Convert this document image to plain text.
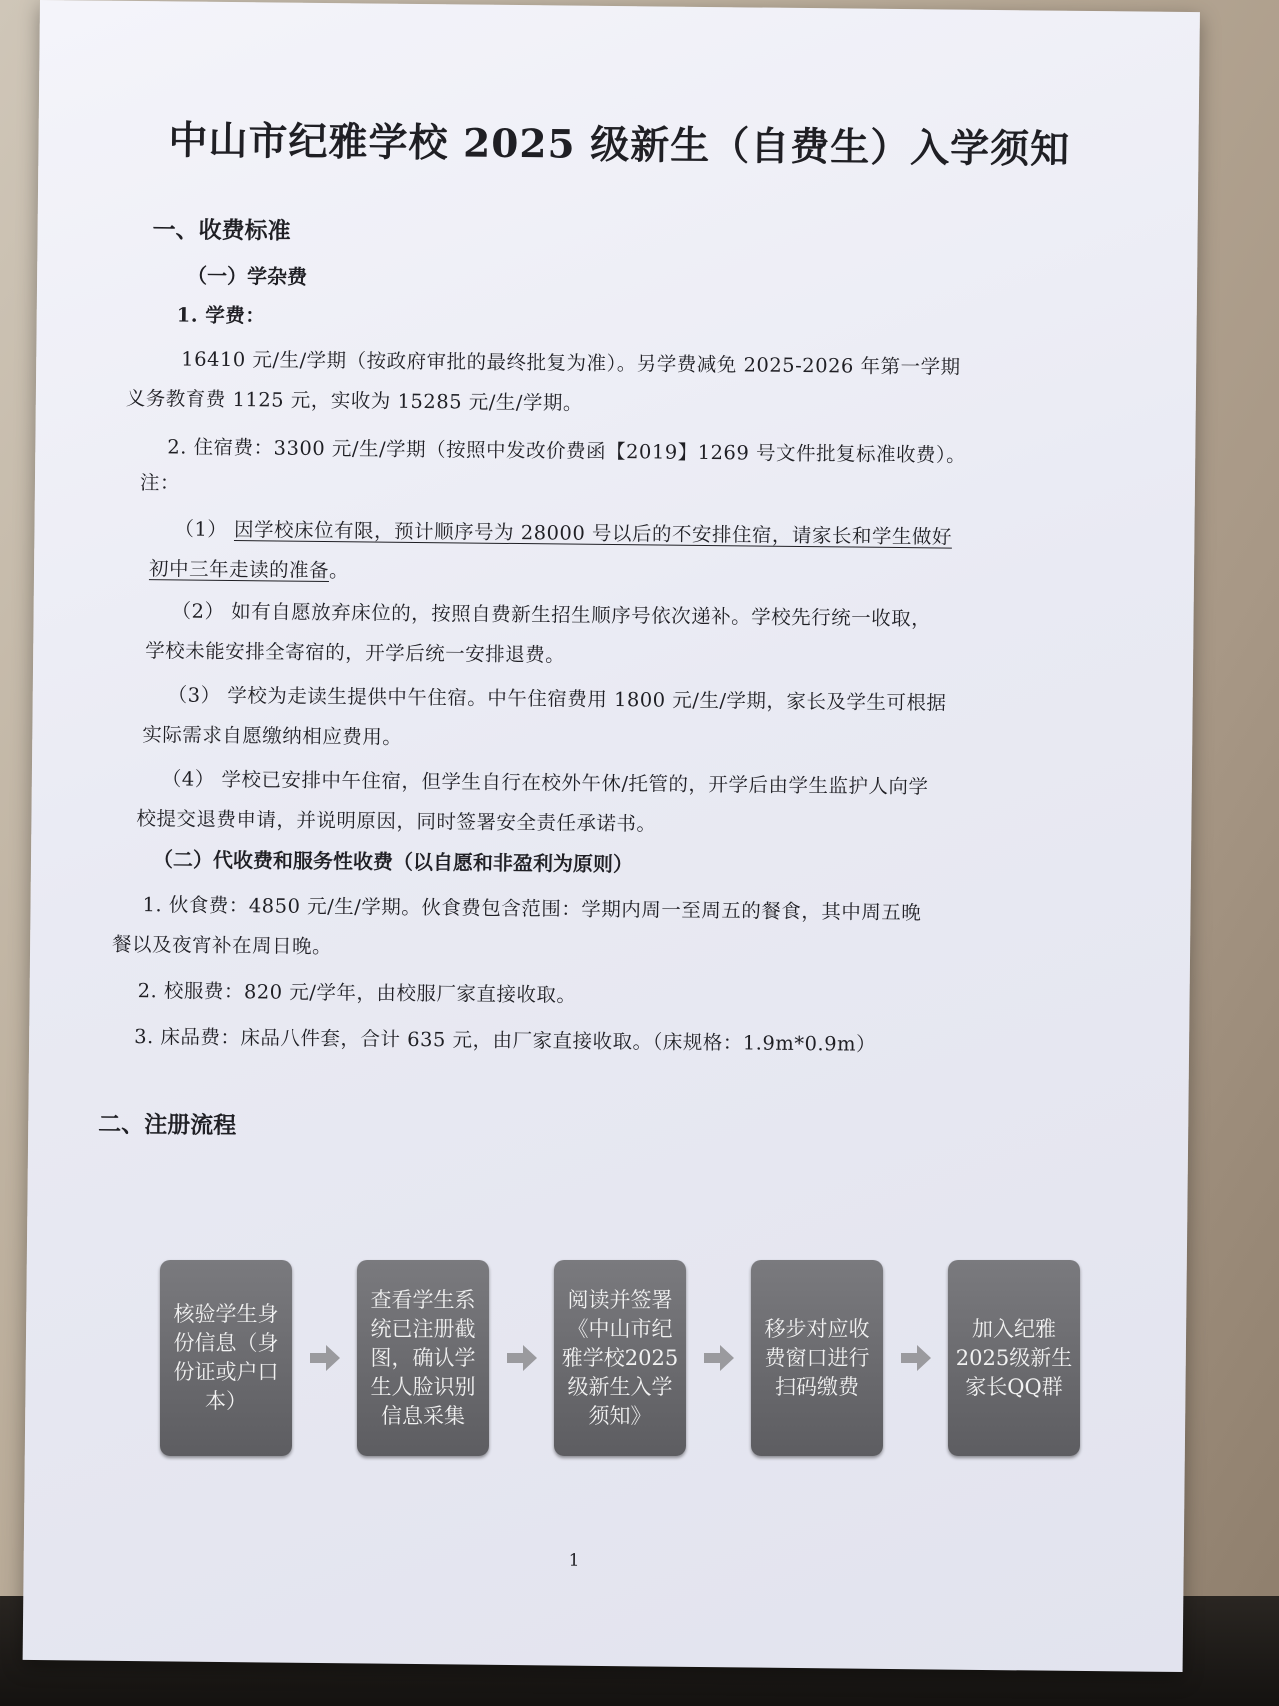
中山市纪雅学校 2025 级新生（自费生）入学须知
一、收费标准
（一）学杂费
1. 学费：
16410 元/生/学期（按政府审批的最终批复为准）。另学费减免 2025-2026 年第一学期
义务教育费 1125 元，实收为 15285 元/生/学期。
2. 住宿费：3300 元/生/学期（按照中发改价费函【2019】1269 号文件批复标准收费）。
注：
（1） 因学校床位有限，预计顺序号为 28000 号以后的不安排住宿，请家长和学生做好
初中三年走读的准备。
（2） 如有自愿放弃床位的，按照自费新生招生顺序号依次递补。学校先行统一收取，
学校未能安排全寄宿的，开学后统一安排退费。
（3） 学校为走读生提供中午住宿。中午住宿费用 1800 元/生/学期，家长及学生可根据
实际需求自愿缴纳相应费用。
（4） 学校已安排中午住宿，但学生自行在校外午休/托管的，开学后由学生监护人向学
校提交退费申请，并说明原因，同时签署安全责任承诺书。
（二）代收费和服务性收费（以自愿和非盈利为原则）
1. 伙食费：4850 元/生/学期。伙食费包含范围：学期内周一至周五的餐食，其中周五晚
餐以及夜宵补在周日晚。
2. 校服费：820 元/学年，由校服厂家直接收取。
3. 床品费：床品八件套，合计 635 元，由厂家直接收取。（床规格：1.9m*0.9m）
二、注册流程
1
核验学生身份信息（身份证或户口本）
查看学生系统已注册截图，确认学生人脸识别信息采集
阅读并签署《中山市纪雅学校2025级新生入学须知》
移步对应收费窗口进行扫码缴费
加入纪雅2025级新生家长QQ群
